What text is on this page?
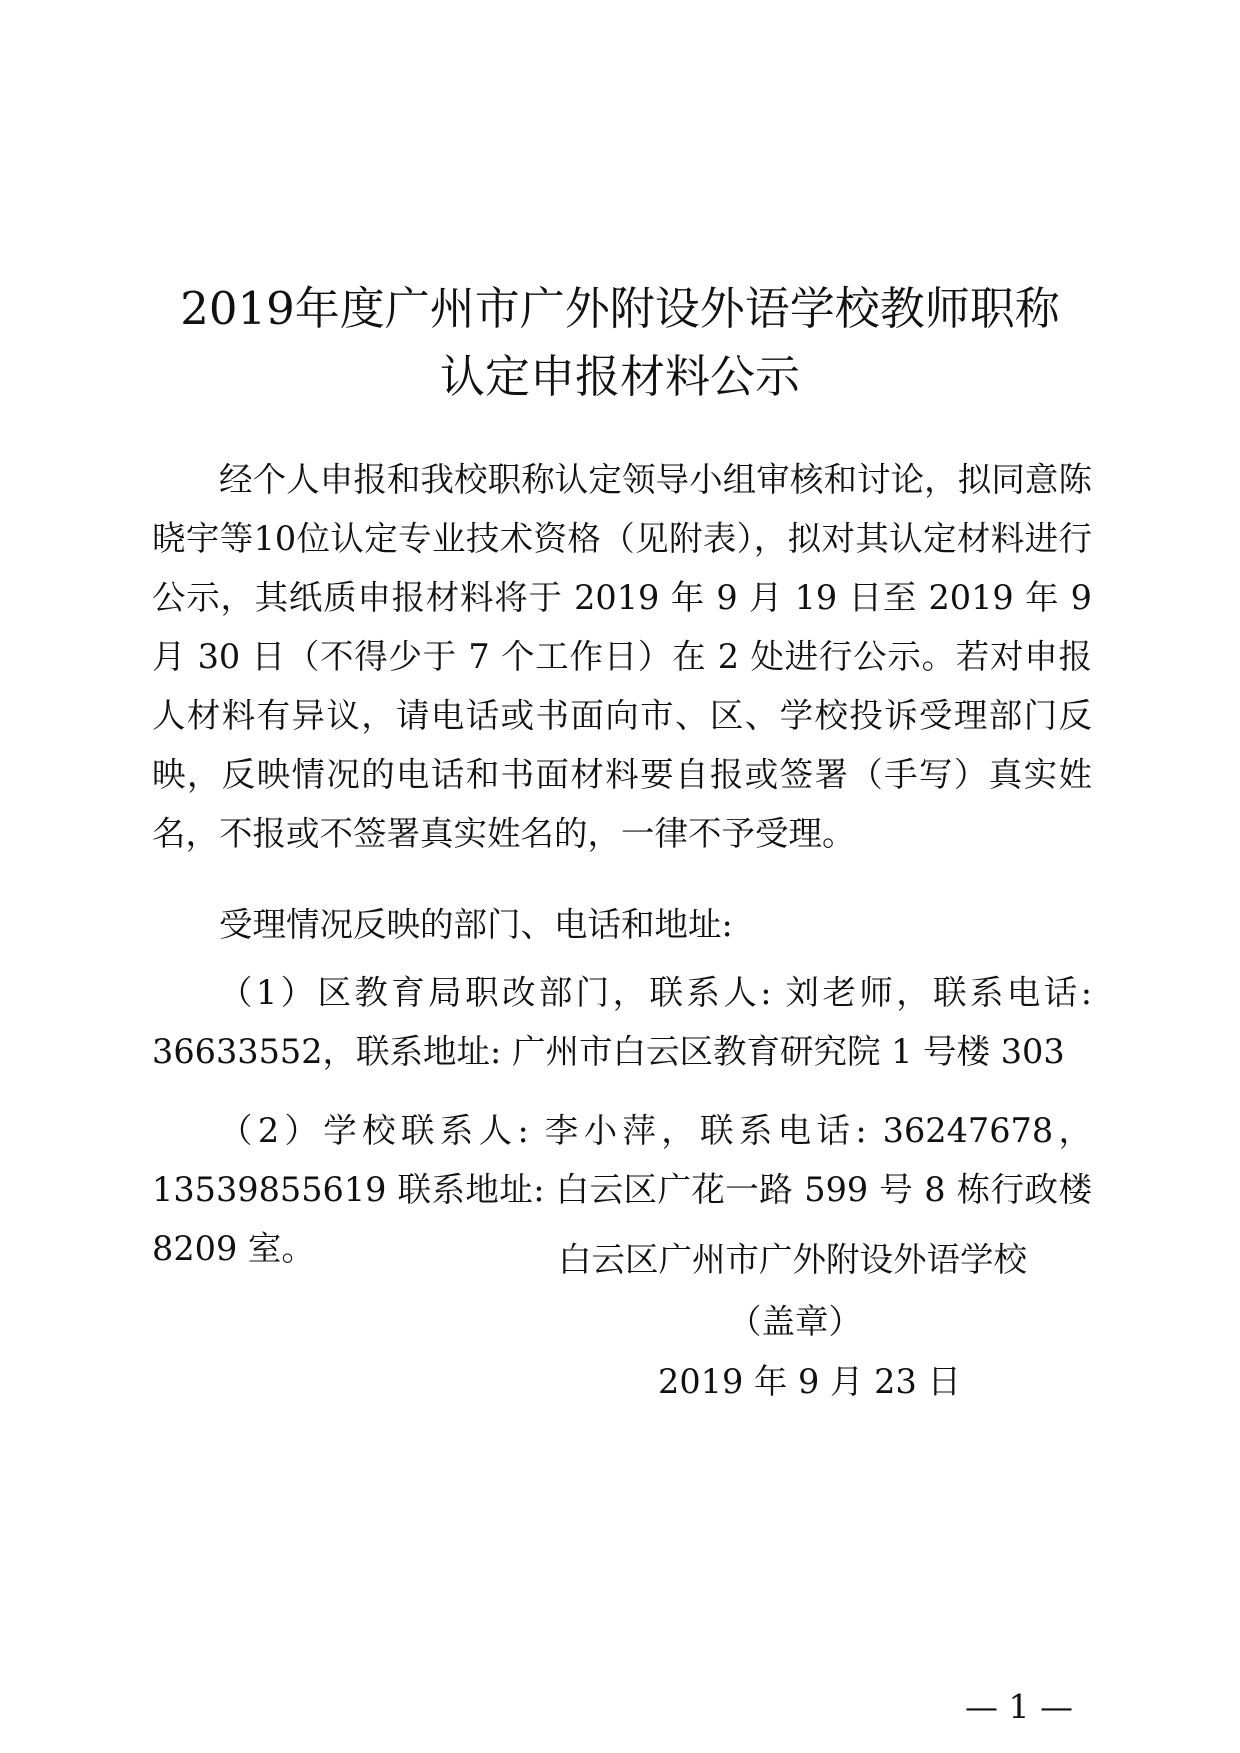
2019年度广州市广外附设外语学校教师职称
认定申报材料公示

经个人申报和我校职称认定领导小组审核和讨论，拟同意陈晓宇等10位认定专业技术资格（见附表），拟对其认定材料进行公示，其纸质申报材料将于 2019 年 9 月 19 日至 2019 年 9 月 30 日（不得少于 7 个工作日）在 2 处进行公示。若对申报人材料有异议，请电话或书面向市、区、学校投诉受理部门反映，反映情况的电话和书面材料要自报或签署（手写）真实姓名，不报或不签署真实姓名的，一律不予受理。

受理情况反映的部门、电话和地址:

（1）区教育局职改部门，联系人: 刘老师，联系电话: 36633552，联系地址: 广州市白云区教育研究院 1 号楼 303

（2）学校联系人: 李小萍，联系电话: 36247678，13539855619 联系地址: 白云区广花一路 599 号 8 栋行政楼 8209 室。	白云区广州市广外附设外语学校

（盖章）

2019 年 9 月 23 日

— 1 —
